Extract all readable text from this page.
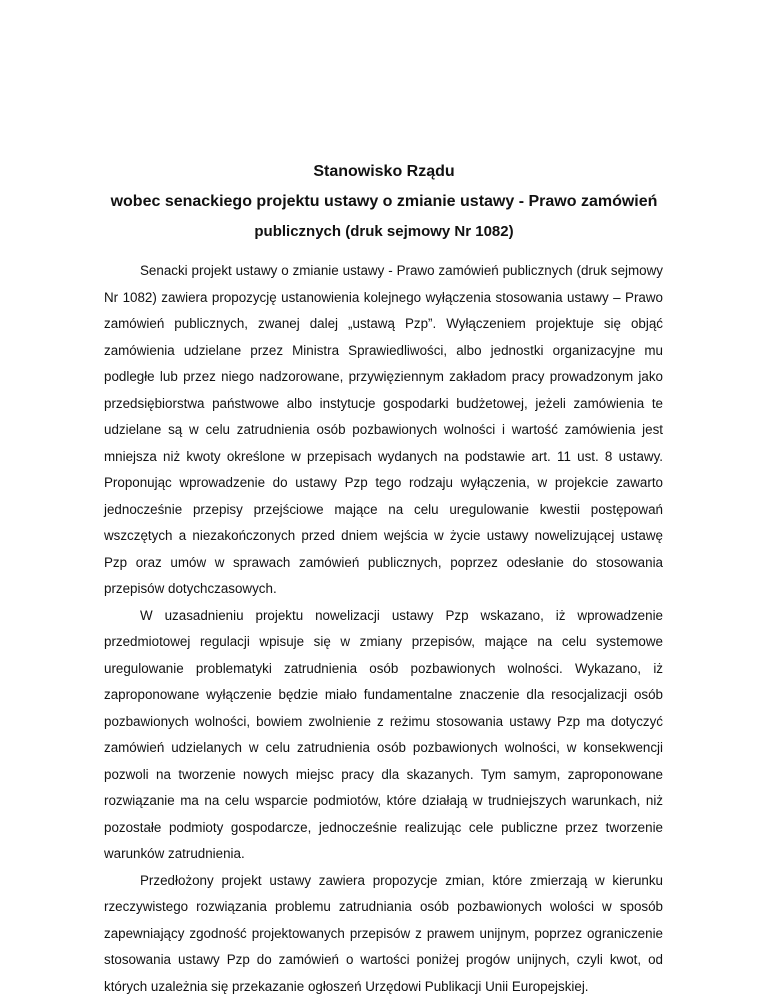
Stanowisko Rządu
wobec senackiego projektu ustawy o zmianie ustawy - Prawo zamówień
publicznych (druk sejmowy Nr 1082)

Senacki projekt ustawy o zmianie ustawy - Prawo zamówień publicznych (druk sejmowy Nr 1082) zawiera propozycję ustanowienia kolejnego wyłączenia stosowania ustawy – Prawo zamówień publicznych, zwanej dalej „ustawą Pzp”. Wyłączeniem projektuje się objąć zamówienia udzielane przez Ministra Sprawiedliwości, albo jednostki organizacyjne mu podległe lub przez niego nadzorowane, przywięziennym zakładom pracy prowadzonym jako przedsiębiorstwa państwowe albo instytucje gospodarki budżetowej, jeżeli zamówienia te udzielane są w celu zatrudnienia osób pozbawionych wolności i wartość zamówienia jest mniejsza niż kwoty określone w przepisach wydanych na podstawie art. 11 ust. 8 ustawy. Proponując wprowadzenie do ustawy Pzp tego rodzaju wyłączenia, w projekcie zawarto jednocześnie przepisy przejściowe mające na celu uregulowanie kwestii postępowań wszczętych a niezakończonych przed dniem wejścia w życie ustawy nowelizującej ustawę Pzp oraz umów w sprawach zamówień publicznych, poprzez odesłanie do stosowania przepisów dotychczasowych.

W uzasadnieniu projektu nowelizacji ustawy Pzp wskazano, iż wprowadzenie przedmiotowej regulacji wpisuje się w zmiany przepisów, mające na celu systemowe uregulowanie problematyki zatrudnienia osób pozbawionych wolności. Wykazano, iż zaproponowane wyłączenie będzie miało fundamentalne znaczenie dla resocjalizacji osób pozbawionych wolności, bowiem zwolnienie z reżimu stosowania ustawy Pzp ma dotyczyć zamówień udzielanych w celu zatrudnienia osób pozbawionych wolności, w konsekwencji pozwoli na tworzenie nowych miejsc pracy dla skazanych. Tym samym, zaproponowane rozwiązanie ma na celu wsparcie podmiotów, które działają w trudniejszych warunkach, niż pozostałe podmioty gospodarcze, jednocześnie realizując cele publiczne przez tworzenie warunków zatrudnienia.

Przedłożony projekt ustawy zawiera propozycje zmian, które zmierzają w kierunku rzeczywistego rozwiązania problemu zatrudniania osób pozbawionych wolości w sposób zapewniający zgodność projektowanych przepisów z prawem unijnym, poprzez ograniczenie stosowania ustawy Pzp do zamówień o wartości poniżej progów unijnych, czyli kwot, od których uzależnia się przekazanie ogłoszeń Urzędowi Publikacji Unii Europejskiej.
